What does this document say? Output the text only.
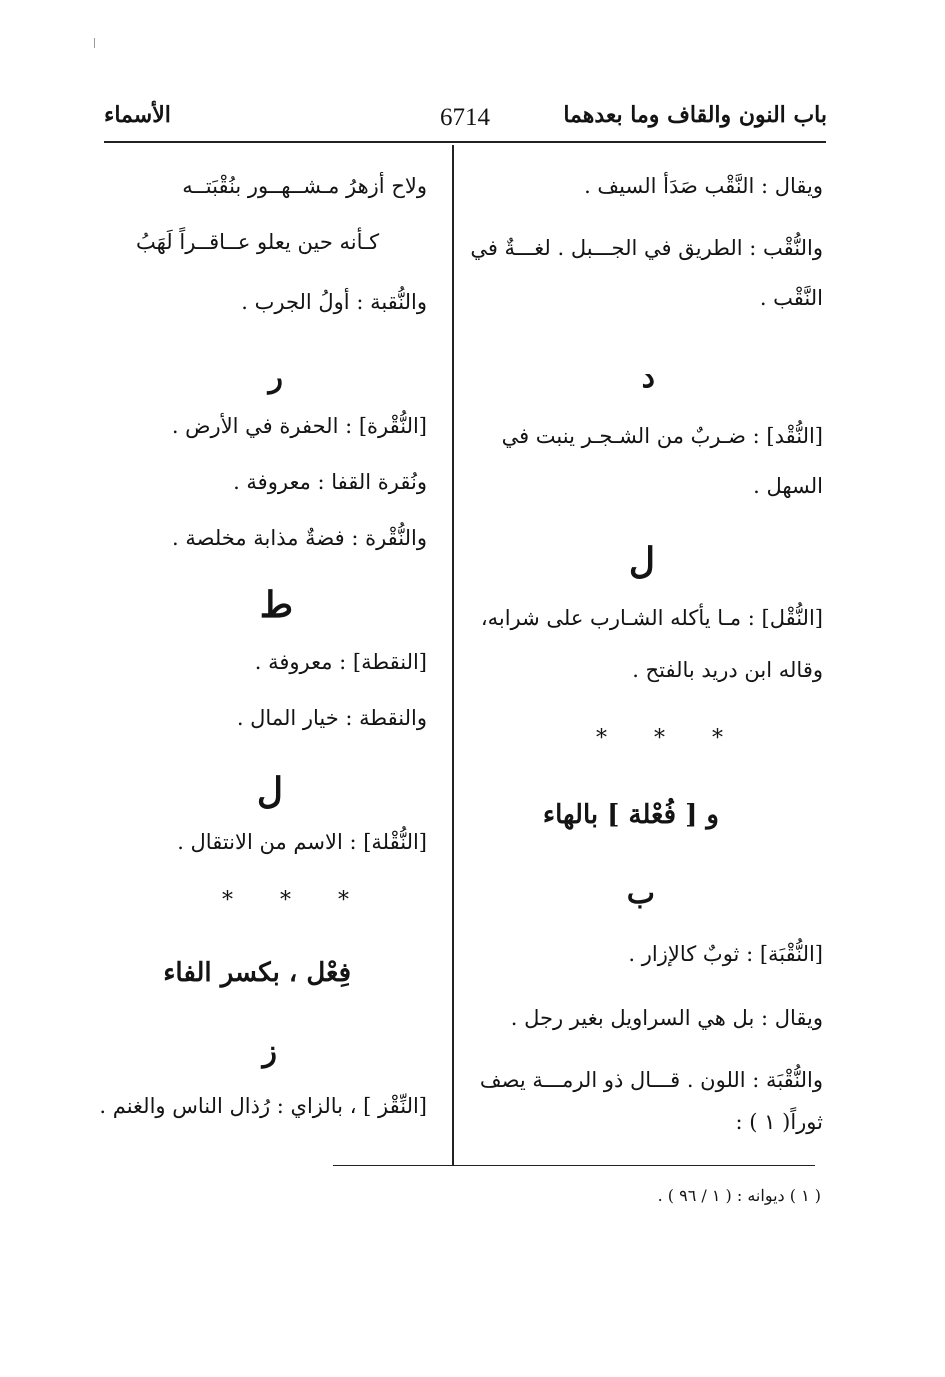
باب النون والقاف وما بعدهما
6714
الأسماء
ويقال : النَّقْب صَدَأ السيف .
والنُّقْب : الطريق في الجـــبل . لغـــةٌ في
النَّقْب .
د
[النُّقْد] : ضـربٌ من الشـجـر ينبت في
السهل .
ل
[النُّقْل] : مـا يأكله الشـارب على شرابه،
وقاله ابن دريد بالفتح .
* * *
و [ فُعْلة ] بالهاء
ب
[النُّقْبَة] : ثوبٌ كالإزار .
ويقال : بل هي السراويل بغير رجل .
والنُّقْبَة : اللون . قـــال ذو الرمـــة يصف
ثوراً( ١ ) :
ولاح أزهرُ مـشــهــور بنُقْبَتــه
كـأنه حين يعلو عــاقــراً لَهَبُ
والنُّقبة : أولُ الجرب .
ر
[النُّقْرة] : الحفرة في الأرض .
ونُقرة القفا : معروفة .
والنُّقْرة : فضةٌ مذابة مخلصة .
ط
[النقطة] : معروفة .
والنقطة : خيار المال .
ل
[النُّقْلة] : الاسم من الانتقال .
* * *
فِعْل ، بكسر الفاء
ز
[النِّقْز ] ، بالزاي : رُذال الناس والغنم .
( ١ ) ديوانه : ( ١ / ٩٦ ) .
